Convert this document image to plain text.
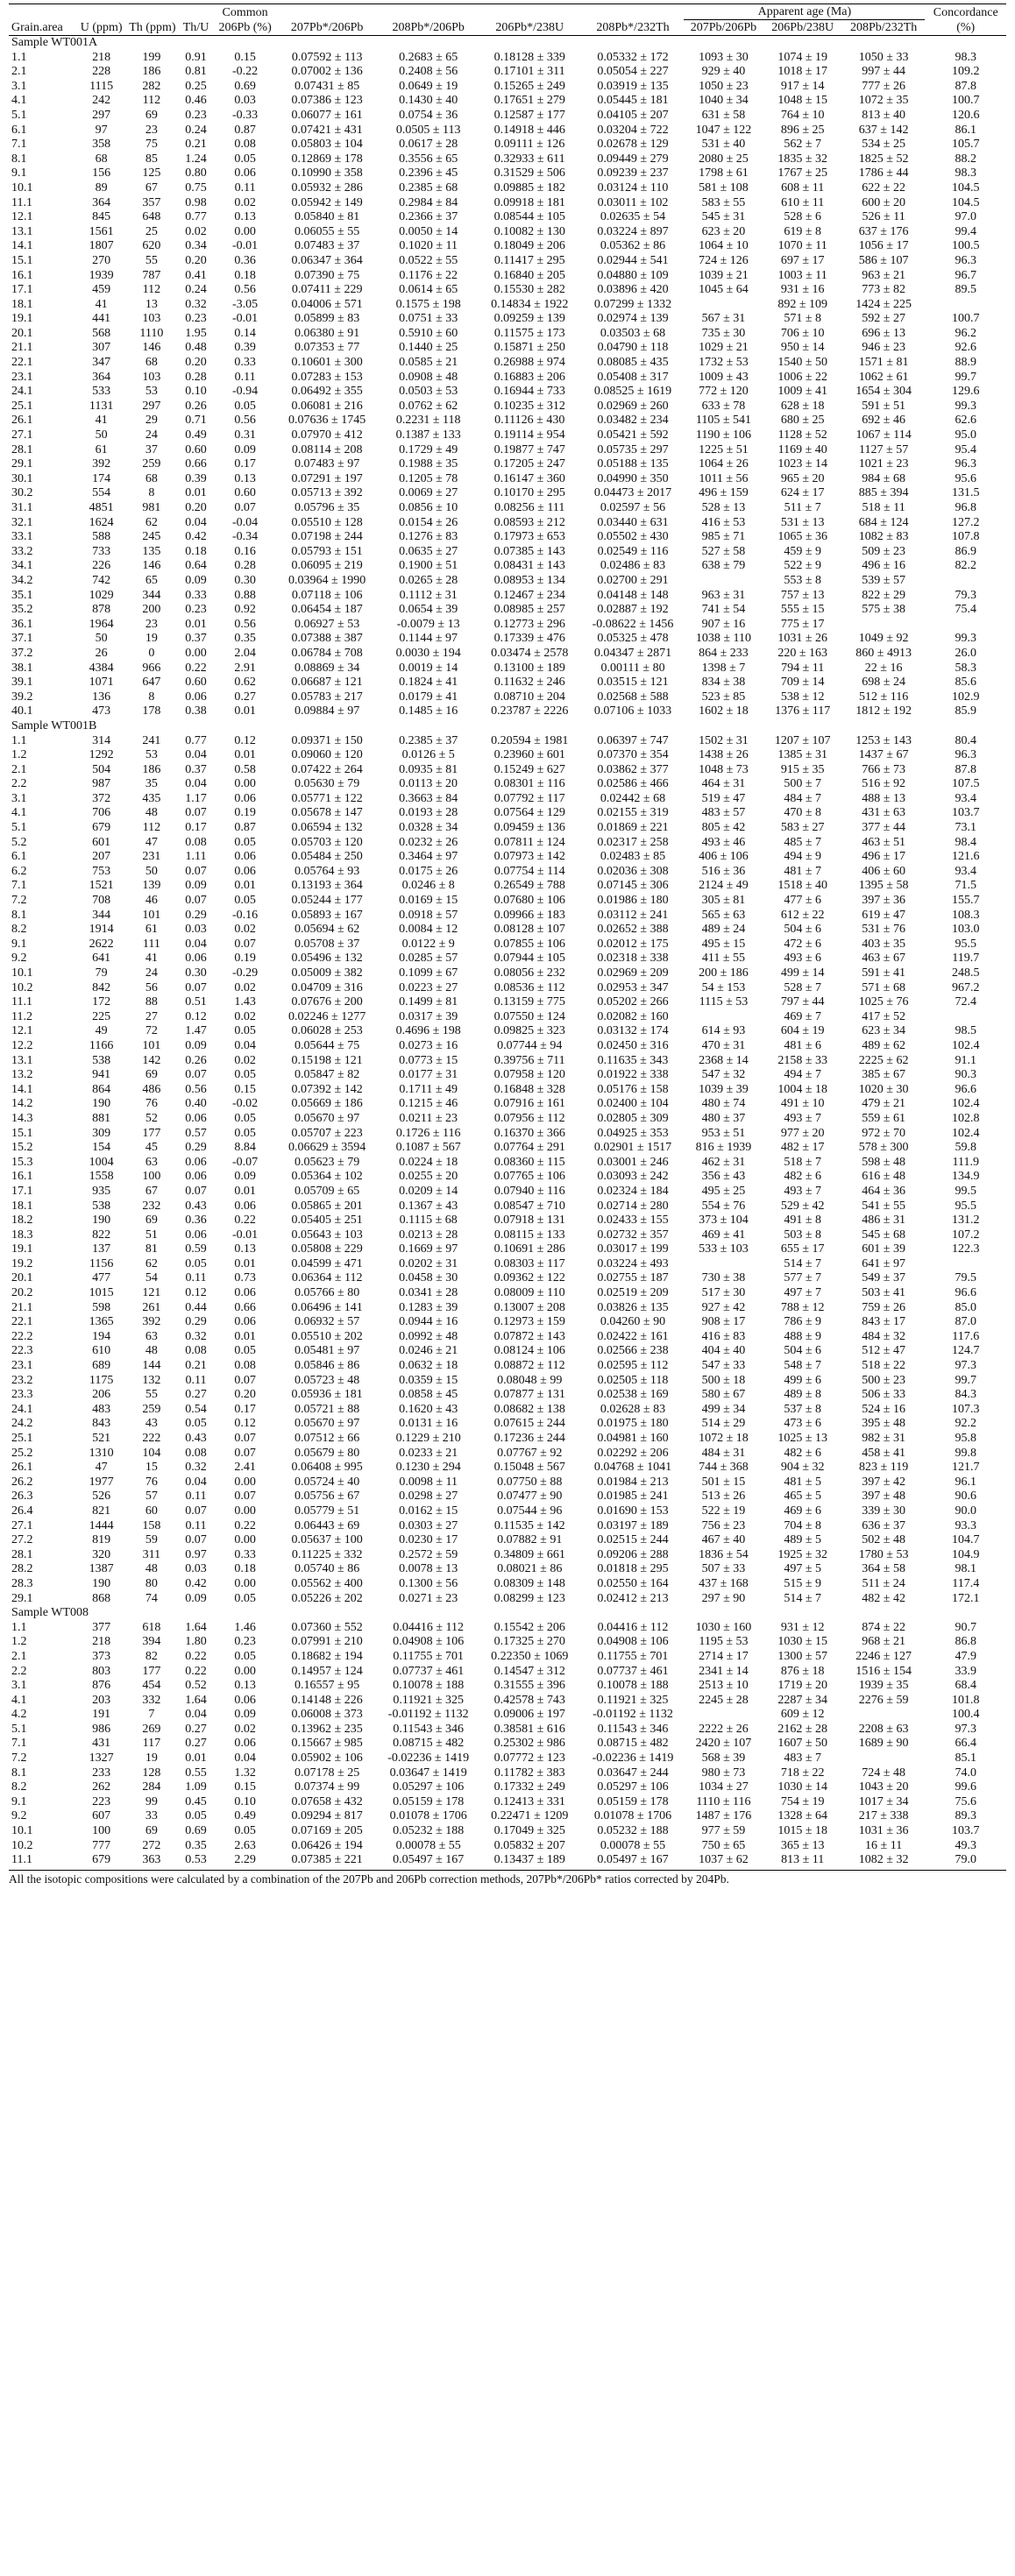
				Common					Apparent age (Ma)			Concordance
Grain.area	U (ppm)	Th (ppm)	Th/U	206Pb (%)	207Pb*/206Pb	208Pb*/206Pb	206Pb*/238U	208Pb*/232Th	207Pb/206Pb	206Pb/238U	208Pb/232Th	(%)
Sample WT001A												
1.1	218	199	0.91	0.15	0.07592 ± 113	0.2683 ± 65	0.18128 ± 339	0.05332 ± 172	1093 ± 30	1074 ± 19	1050 ± 33	98.3
2.1	228	186	0.81	-0.22	0.07002 ± 136	0.2408 ± 56	0.17101 ± 311	0.05054 ± 227	929 ± 40	1018 ± 17	997 ± 44	109.2
3.1	1115	282	0.25	0.69	0.07431 ± 85	0.0649 ± 19	0.15265 ± 249	0.03919 ± 135	1050 ± 23	917 ± 14	777 ± 26	87.8
4.1	242	112	0.46	0.03	0.07386 ± 123	0.1430 ± 40	0.17651 ± 279	0.05445 ± 181	1040 ± 34	1048 ± 15	1072 ± 35	100.7
5.1	297	69	0.23	-0.33	0.06077 ± 161	0.0754 ± 36	0.12587 ± 177	0.04105 ± 207	631 ± 58	764 ± 10	813 ± 40	120.6
6.1	97	23	0.24	0.87	0.07421 ± 431	0.0505 ± 113	0.14918 ± 446	0.03204 ± 722	1047 ± 122	896 ± 25	637 ± 142	86.1
7.1	358	75	0.21	0.08	0.05803 ± 104	0.0617 ± 28	0.09111 ± 126	0.02678 ± 129	531 ± 40	562 ± 7	534 ± 25	105.7
8.1	68	85	1.24	0.05	0.12869 ± 178	0.3556 ± 65	0.32933 ± 611	0.09449 ± 279	2080 ± 25	1835 ± 32	1825 ± 52	88.2
9.1	156	125	0.80	0.06	0.10990 ± 358	0.2396 ± 45	0.31529 ± 506	0.09239 ± 237	1798 ± 61	1767 ± 25	1786 ± 44	98.3
10.1	89	67	0.75	0.11	0.05932 ± 286	0.2385 ± 68	0.09885 ± 182	0.03124 ± 110	581 ± 108	608 ± 11	622 ± 22	104.5
11.1	364	357	0.98	0.02	0.05942 ± 149	0.2984 ± 84	0.09918 ± 181	0.03011 ± 102	583 ± 55	610 ± 11	600 ± 20	104.5
12.1	845	648	0.77	0.13	0.05840 ± 81	0.2366 ± 37	0.08544 ± 105	0.02635 ± 54	545 ± 31	528 ± 6	526 ± 11	97.0
13.1	1561	25	0.02	0.00	0.06055 ± 55	0.0050 ± 14	0.10082 ± 130	0.03224 ± 897	623 ± 20	619 ± 8	637 ± 176	99.4
14.1	1807	620	0.34	-0.01	0.07483 ± 37	0.1020 ± 11	0.18049 ± 206	0.05362 ± 86	1064 ± 10	1070 ± 11	1056 ± 17	100.5
15.1	270	55	0.20	0.36	0.06347 ± 364	0.0522 ± 55	0.11417 ± 295	0.02944 ± 541	724 ± 126	697 ± 17	586 ± 107	96.3
16.1	1939	787	0.41	0.18	0.07390 ± 75	0.1176 ± 22	0.16840 ± 205	0.04880 ± 109	1039 ± 21	1003 ± 11	963 ± 21	96.7
17.1	459	112	0.24	0.56	0.07411 ± 229	0.0614 ± 65	0.15530 ± 282	0.03896 ± 420	1045 ± 64	931 ± 16	773 ± 82	89.5
18.1	41	13	0.32	-3.05	0.04006 ± 571	0.1575 ± 198	0.14834 ± 1922	0.07299 ± 1332		892 ± 109	1424 ± 225	
19.1	441	103	0.23	-0.01	0.05899 ± 83	0.0751 ± 33	0.09259 ± 139	0.02974 ± 139	567 ± 31	571 ± 8	592 ± 27	100.7
20.1	568	1110	1.95	0.14	0.06380 ± 91	0.5910 ± 60	0.11575 ± 173	0.03503 ± 68	735 ± 30	706 ± 10	696 ± 13	96.2
21.1	307	146	0.48	0.39	0.07353 ± 77	0.1440 ± 25	0.15871 ± 250	0.04790 ± 118	1029 ± 21	950 ± 14	946 ± 23	92.6
22.1	347	68	0.20	0.33	0.10601 ± 300	0.0585 ± 21	0.26988 ± 974	0.08085 ± 435	1732 ± 53	1540 ± 50	1571 ± 81	88.9
23.1	364	103	0.28	0.11	0.07283 ± 153	0.0908 ± 48	0.16883 ± 206	0.05408 ± 317	1009 ± 43	1006 ± 22	1062 ± 61	99.7
24.1	533	53	0.10	-0.94	0.06492 ± 355	0.0503 ± 53	0.16944 ± 733	0.08525 ± 1619	772 ± 120	1009 ± 41	1654 ± 304	129.6
25.1	1131	297	0.26	0.05	0.06081 ± 216	0.0762 ± 62	0.10235 ± 312	0.02969 ± 260	633 ± 78	628 ± 18	591 ± 51	99.3
26.1	41	29	0.71	0.56	0.07636 ± 1745	0.2231 ± 118	0.11126 ± 430	0.03482 ± 234	1105 ± 541	680 ± 25	692 ± 46	62.6
27.1	50	24	0.49	0.31	0.07970 ± 412	0.1387 ± 133	0.19114 ± 954	0.05421 ± 592	1190 ± 106	1128 ± 52	1067 ± 114	95.0
28.1	61	37	0.60	0.09	0.08114 ± 208	0.1729 ± 49	0.19877 ± 747	0.05735 ± 297	1225 ± 51	1169 ± 40	1127 ± 57	95.4
29.1	392	259	0.66	0.17	0.07483 ± 97	0.1988 ± 35	0.17205 ± 247	0.05188 ± 135	1064 ± 26	1023 ± 14	1021 ± 23	96.3
30.1	174	68	0.39	0.13	0.07291 ± 197	0.1205 ± 78	0.16147 ± 360	0.04990 ± 350	1011 ± 56	965 ± 20	984 ± 68	95.6
30.2	554	8	0.01	0.60	0.05713 ± 392	0.0069 ± 27	0.10170 ± 295	0.04473 ± 2017	496 ± 159	624 ± 17	885 ± 394	131.5
31.1	4851	981	0.20	0.07	0.05796 ± 35	0.0856 ± 10	0.08256 ± 111	0.02597 ± 56	528 ± 13	511 ± 7	518 ± 11	96.8
32.1	1624	62	0.04	-0.04	0.05510 ± 128	0.0154 ± 26	0.08593 ± 212	0.03440 ± 631	416 ± 53	531 ± 13	684 ± 124	127.2
33.1	588	245	0.42	-0.34	0.07198 ± 244	0.1276 ± 83	0.17973 ± 653	0.05502 ± 430	985 ± 71	1065 ± 36	1082 ± 83	107.8
33.2	733	135	0.18	0.16	0.05793 ± 151	0.0635 ± 27	0.07385 ± 143	0.02549 ± 116	527 ± 58	459 ± 9	509 ± 23	86.9
34.1	226	146	0.64	0.28	0.06095 ± 219	0.1900 ± 51	0.08431 ± 143	0.02486 ± 83	638 ± 79	522 ± 9	496 ± 16	82.2
34.2	742	65	0.09	0.30	0.03964 ± 1990	0.0265 ± 28	0.08953 ± 134	0.02700 ± 291		553 ± 8	539 ± 57	
35.1	1029	344	0.33	0.88	0.07118 ± 106	0.1112 ± 31	0.12467 ± 234	0.04148 ± 148	963 ± 31	757 ± 13	822 ± 29	79.3
35.2	878	200	0.23	0.92	0.06454 ± 187	0.0654 ± 39	0.08985 ± 257	0.02887 ± 192	741 ± 54	555 ± 15	575 ± 38	75.4
36.1	1964	23	0.01	0.56	0.06927 ± 53	-0.0079 ± 13	0.12773 ± 296	-0.08622 ± 1456	907 ± 16	775 ± 17		
37.1	50	19	0.37	0.35	0.07388 ± 387	0.1144 ± 97	0.17339 ± 476	0.05325 ± 478	1038 ± 110	1031 ± 26	1049 ± 92	99.3
37.2	26	0	0.00	2.04	0.06784 ± 708	0.0030 ± 194	0.03474 ± 2578	0.04347 ± 2871	864 ± 233	220 ± 163	860 ± 4913	26.0
38.1	4384	966	0.22	2.91	0.08869 ± 34	0.0019 ± 14	0.13100 ± 189	0.00111 ± 80	1398 ± 7	794 ± 11	22 ± 16	58.3
39.1	1071	647	0.60	0.62	0.06687 ± 121	0.1824 ± 41	0.11632 ± 246	0.03515 ± 121	834 ± 38	709 ± 14	698 ± 24	85.6
39.2	136	8	0.06	0.27	0.05783 ± 217	0.0179 ± 41	0.08710 ± 204	0.02568 ± 588	523 ± 85	538 ± 12	512 ± 116	102.9
40.1	473	178	0.38	0.01	0.09884 ± 97	0.1485 ± 16	0.23787 ± 2226	0.07106 ± 1033	1602 ± 18	1376 ± 117	1812 ± 192	85.9
Sample WT001B												
1.1	314	241	0.77	0.12	0.09371 ± 150	0.2385 ± 37	0.20594 ± 1981	0.06397 ± 747	1502 ± 31	1207 ± 107	1253 ± 143	80.4
1.2	1292	53	0.04	0.01	0.09060 ± 120	0.0126 ± 5	0.23960 ± 601	0.07370 ± 354	1438 ± 26	1385 ± 31	1437 ± 67	96.3
2.1	504	186	0.37	0.58	0.07422 ± 264	0.0935 ± 81	0.15249 ± 627	0.03862 ± 377	1048 ± 73	915 ± 35	766 ± 73	87.8
2.2	987	35	0.04	0.00	0.05630 ± 79	0.0113 ± 20	0.08301 ± 116	0.02586 ± 466	464 ± 31	500 ± 7	516 ± 92	107.5
3.1	372	435	1.17	0.06	0.05771 ± 122	0.3663 ± 84	0.07792 ± 117	0.02442 ± 68	519 ± 47	484 ± 7	488 ± 13	93.4
4.1	706	48	0.07	0.19	0.05678 ± 147	0.0193 ± 28	0.07564 ± 129	0.02155 ± 319	483 ± 57	470 ± 8	431 ± 63	103.7
5.1	679	112	0.17	0.87	0.06594 ± 132	0.0328 ± 34	0.09459 ± 136	0.01869 ± 221	805 ± 42	583 ± 27	377 ± 44	73.1
5.2	601	47	0.08	0.05	0.05703 ± 120	0.0232 ± 26	0.07811 ± 124	0.02317 ± 258	493 ± 46	485 ± 7	463 ± 51	98.4
6.1	207	231	1.11	0.06	0.05484 ± 250	0.3464 ± 97	0.07973 ± 142	0.02483 ± 85	406 ± 106	494 ± 9	496 ± 17	121.6
6.2	753	50	0.07	0.06	0.05764 ± 93	0.0175 ± 26	0.07754 ± 114	0.02036 ± 308	516 ± 36	481 ± 7	406 ± 60	93.4
7.1	1521	139	0.09	0.01	0.13193 ± 364	0.0246 ± 8	0.26549 ± 788	0.07145 ± 306	2124 ± 49	1518 ± 40	1395 ± 58	71.5
7.2	708	46	0.07	0.05	0.05244 ± 177	0.0169 ± 15	0.07680 ± 106	0.01986 ± 180	305 ± 81	477 ± 6	397 ± 36	155.7
8.1	344	101	0.29	-0.16	0.05893 ± 167	0.0918 ± 57	0.09966 ± 183	0.03112 ± 241	565 ± 63	612 ± 22	619 ± 47	108.3
8.2	1914	61	0.03	0.02	0.05694 ± 62	0.0084 ± 12	0.08128 ± 107	0.02652 ± 388	489 ± 24	504 ± 6	531 ± 76	103.0
9.1	2622	111	0.04	0.07	0.05708 ± 37	0.0122 ± 9	0.07855 ± 106	0.02012 ± 175	495 ± 15	472 ± 6	403 ± 35	95.5
9.2	641	41	0.06	0.19	0.05496 ± 132	0.0285 ± 57	0.07944 ± 105	0.02318 ± 338	411 ± 55	493 ± 6	463 ± 67	119.7
10.1	79	24	0.30	-0.29	0.05009 ± 382	0.1099 ± 67	0.08056 ± 232	0.02969 ± 209	200 ± 186	499 ± 14	591 ± 41	248.5
10.2	842	56	0.07	0.02	0.04709 ± 316	0.0223 ± 27	0.08536 ± 112	0.02953 ± 347	54 ± 153	528 ± 7	571 ± 68	967.2
11.1	172	88	0.51	1.43	0.07676 ± 200	0.1499 ± 81	0.13159 ± 775	0.05202 ± 266	1115 ± 53	797 ± 44	1025 ± 76	72.4
11.2	225	27	0.12	0.02	0.02246 ± 1277	0.0317 ± 39	0.07550 ± 124	0.02082 ± 160		469 ± 7	417 ± 52	
12.1	49	72	1.47	0.05	0.06028 ± 253	0.4696 ± 198	0.09825 ± 323	0.03132 ± 174	614 ± 93	604 ± 19	623 ± 34	98.5
12.2	1166	101	0.09	0.04	0.05644 ± 75	0.0273 ± 16	0.07744 ± 94	0.02450 ± 316	470 ± 31	481 ± 6	489 ± 62	102.4
13.1	538	142	0.26	0.02	0.15198 ± 121	0.0773 ± 15	0.39756 ± 711	0.11635 ± 343	2368 ± 14	2158 ± 33	2225 ± 62	91.1
13.2	941	69	0.07	0.05	0.05847 ± 82	0.0177 ± 31	0.07958 ± 120	0.01922 ± 338	547 ± 32	494 ± 7	385 ± 67	90.3
14.1	864	486	0.56	0.15	0.07392 ± 142	0.1711 ± 49	0.16848 ± 328	0.05176 ± 158	1039 ± 39	1004 ± 18	1020 ± 30	96.6
14.2	190	76	0.40	-0.02	0.05669 ± 186	0.1215 ± 46	0.07916 ± 161	0.02400 ± 104	480 ± 74	491 ± 10	479 ± 21	102.4
14.3	881	52	0.06	0.05	0.05670 ± 97	0.0211 ± 23	0.07956 ± 112	0.02805 ± 309	480 ± 37	493 ± 7	559 ± 61	102.8
15.1	309	177	0.57	0.05	0.05707 ± 223	0.1726 ± 116	0.16370 ± 366	0.04925 ± 353	953 ± 51	977 ± 20	972 ± 70	102.4
15.2	154	45	0.29	8.84	0.06629 ± 3594	0.1087 ± 567	0.07764 ± 291	0.02901 ± 1517	816 ± 1939	482 ± 17	578 ± 300	59.8
15.3	1004	63	0.06	-0.07	0.05623 ± 79	0.0224 ± 18	0.08360 ± 115	0.03001 ± 246	462 ± 31	518 ± 7	598 ± 48	111.9
16.1	1558	100	0.06	0.09	0.05364 ± 102	0.0255 ± 20	0.07765 ± 106	0.03093 ± 242	356 ± 43	482 ± 6	616 ± 48	134.9
17.1	935	67	0.07	0.01	0.05709 ± 65	0.0209 ± 14	0.07940 ± 116	0.02324 ± 184	495 ± 25	493 ± 7	464 ± 36	99.5
18.1	538	232	0.43	0.06	0.05865 ± 201	0.1367 ± 43	0.08547 ± 710	0.02714 ± 280	554 ± 76	529 ± 42	541 ± 55	95.5
18.2	190	69	0.36	0.22	0.05405 ± 251	0.1115 ± 68	0.07918 ± 131	0.02433 ± 155	373 ± 104	491 ± 8	486 ± 31	131.2
18.3	822	51	0.06	-0.01	0.05643 ± 103	0.0213 ± 28	0.08115 ± 133	0.02732 ± 357	469 ± 41	503 ± 8	545 ± 68	107.2
19.1	137	81	0.59	0.13	0.05808 ± 229	0.1669 ± 97	0.10691 ± 286	0.03017 ± 199	533 ± 103	655 ± 17	601 ± 39	122.3
19.2	1156	62	0.05	0.01	0.04599 ± 471	0.0202 ± 31	0.08303 ± 117	0.03224 ± 493		514 ± 7	641 ± 97	
20.1	477	54	0.11	0.73	0.06364 ± 112	0.0458 ± 30	0.09362 ± 122	0.02755 ± 187	730 ± 38	577 ± 7	549 ± 37	79.5
20.2	1015	121	0.12	0.06	0.05766 ± 80	0.0341 ± 28	0.08009 ± 110	0.02519 ± 209	517 ± 30	497 ± 7	503 ± 41	96.6
21.1	598	261	0.44	0.66	0.06496 ± 141	0.1283 ± 39	0.13007 ± 208	0.03826 ± 135	927 ± 42	788 ± 12	759 ± 26	85.0
22.1	1365	392	0.29	0.06	0.06932 ± 57	0.0944 ± 16	0.12973 ± 159	0.04260 ± 90	908 ± 17	786 ± 9	843 ± 17	87.0
22.2	194	63	0.32	0.01	0.05510 ± 202	0.0992 ± 48	0.07872 ± 143	0.02422 ± 161	416 ± 83	488 ± 9	484 ± 32	117.6
22.3	610	48	0.08	0.05	0.05481 ± 97	0.0246 ± 21	0.08124 ± 106	0.02566 ± 238	404 ± 40	504 ± 6	512 ± 47	124.7
23.1	689	144	0.21	0.08	0.05846 ± 86	0.0632 ± 18	0.08872 ± 112	0.02595 ± 112	547 ± 33	548 ± 7	518 ± 22	97.3
23.2	1175	132	0.11	0.07	0.05723 ± 48	0.0359 ± 15	0.08048 ± 99	0.02505 ± 118	500 ± 18	499 ± 6	500 ± 23	99.7
23.3	206	55	0.27	0.20	0.05936 ± 181	0.0858 ± 45	0.07877 ± 131	0.02538 ± 169	580 ± 67	489 ± 8	506 ± 33	84.3
24.1	483	259	0.54	0.17	0.05721 ± 88	0.1620 ± 43	0.08682 ± 138	0.02628 ± 83	499 ± 34	537 ± 8	524 ± 16	107.3
24.2	843	43	0.05	0.12	0.05670 ± 97	0.0131 ± 16	0.07615 ± 244	0.01975 ± 180	514 ± 29	473 ± 6	395 ± 48	92.2
25.1	521	222	0.43	0.07	0.07512 ± 66	0.1229 ± 210	0.17236 ± 244	0.04981 ± 160	1072 ± 18	1025 ± 13	982 ± 31	95.8
25.2	1310	104	0.08	0.07	0.05679 ± 80	0.0233 ± 21	0.07767 ± 92	0.02292 ± 206	484 ± 31	482 ± 6	458 ± 41	99.8
26.1	47	15	0.32	2.41	0.06408 ± 995	0.1230 ± 294	0.15048 ± 567	0.04768 ± 1041	744 ± 368	904 ± 32	823 ± 119	121.7
26.2	1977	76	0.04	0.00	0.05724 ± 40	0.0098 ± 11	0.07750 ± 88	0.01984 ± 213	501 ± 15	481 ± 5	397 ± 42	96.1
26.3	526	57	0.11	0.07	0.05756 ± 67	0.0298 ± 27	0.07477 ± 90	0.01985 ± 241	513 ± 26	465 ± 5	397 ± 48	90.6
26.4	821	60	0.07	0.00	0.05779 ± 51	0.0162 ± 15	0.07544 ± 96	0.01690 ± 153	522 ± 19	469 ± 6	339 ± 30	90.0
27.1	1444	158	0.11	0.22	0.06443 ± 69	0.0303 ± 27	0.11535 ± 142	0.03197 ± 189	756 ± 23	704 ± 8	636 ± 37	93.3
27.2	819	59	0.07	0.00	0.05637 ± 100	0.0230 ± 17	0.07882 ± 91	0.02515 ± 244	467 ± 40	489 ± 5	502 ± 48	104.7
28.1	320	311	0.97	0.33	0.11225 ± 332	0.2572 ± 59	0.34809 ± 661	0.09206 ± 288	1836 ± 54	1925 ± 32	1780 ± 53	104.9
28.2	1387	48	0.03	0.18	0.05740 ± 86	0.0078 ± 13	0.08021 ± 86	0.01818 ± 295	507 ± 33	497 ± 5	364 ± 58	98.1
28.3	190	80	0.42	0.00	0.05562 ± 400	0.1300 ± 56	0.08309 ± 148	0.02550 ± 164	437 ± 168	515 ± 9	511 ± 24	117.4
29.1	868	74	0.09	0.05	0.05226 ± 202	0.0271 ± 23	0.08299 ± 123	0.02412 ± 213	297 ± 90	514 ± 7	482 ± 42	172.1
Sample WT008												
1.1	377	618	1.64	1.46	0.07360 ± 552	0.04416 ± 112	0.15542 ± 206	0.04416 ± 112	1030 ± 160	931 ± 12	874 ± 22	90.7
1.2	218	394	1.80	0.23	0.07991 ± 210	0.04908 ± 106	0.17325 ± 270	0.04908 ± 106	1195 ± 53	1030 ± 15	968 ± 21	86.8
2.1	373	82	0.22	0.05	0.18682 ± 194	0.11755 ± 701	0.22350 ± 1069	0.11755 ± 701	2714 ± 17	1300 ± 57	2246 ± 127	47.9
2.2	803	177	0.22	0.00	0.14957 ± 124	0.07737 ± 461	0.14547 ± 312	0.07737 ± 461	2341 ± 14	876 ± 18	1516 ± 154	33.9
3.1	876	454	0.52	0.13	0.16557 ± 95	0.10078 ± 188	0.31555 ± 396	0.10078 ± 188	2513 ± 10	1719 ± 20	1939 ± 35	68.4
4.1	203	332	1.64	0.06	0.14148 ± 226	0.11921 ± 325	0.42578 ± 743	0.11921 ± 325	2245 ± 28	2287 ± 34	2276 ± 59	101.8
4.2	191	7	0.04	0.09	0.06008 ± 373	-0.01192 ± 1132	0.09006 ± 197	-0.01192 ± 1132		609 ± 12		100.4
5.1	986	269	0.27	0.02	0.13962 ± 235	0.11543 ± 346	0.38581 ± 616	0.11543 ± 346	2222 ± 26	2162 ± 28	2208 ± 63	97.3
7.1	431	117	0.27	0.06	0.15667 ± 985	0.08715 ± 482	0.25302 ± 986	0.08715 ± 482	2420 ± 107	1607 ± 50	1689 ± 90	66.4
7.2	1327	19	0.01	0.04	0.05902 ± 106	-0.02236 ± 1419	0.07772 ± 123	-0.02236 ± 1419	568 ± 39	483 ± 7		85.1
8.1	233	128	0.55	1.32	0.07178 ± 25	0.03647 ± 1419	0.11782 ± 383	0.03647 ± 244	980 ± 73	718 ± 22	724 ± 48	74.0
8.2	262	284	1.09	0.15	0.07374 ± 99	0.05297 ± 106	0.17332 ± 249	0.05297 ± 106	1034 ± 27	1030 ± 14	1043 ± 20	99.6
9.1	223	99	0.45	0.10	0.07658 ± 432	0.05159 ± 178	0.12413 ± 331	0.05159 ± 178	1110 ± 116	754 ± 19	1017 ± 34	75.6
9.2	607	33	0.05	0.49	0.09294 ± 817	0.01078 ± 1706	0.22471 ± 1209	0.01078 ± 1706	1487 ± 176	1328 ± 64	217 ± 338	89.3
10.1	100	69	0.69	0.05	0.07169 ± 205	0.05232 ± 188	0.17049 ± 325	0.05232 ± 188	977 ± 59	1015 ± 18	1031 ± 36	103.7
10.2	777	272	0.35	2.63	0.06426 ± 194	0.00078 ± 55	0.05832 ± 207	0.00078 ± 55	750 ± 65	365 ± 13	16 ± 11	49.3
11.1	679	363	0.53	2.29	0.07385 ± 221	0.05497 ± 167	0.13437 ± 189	0.05497 ± 167	1037 ± 62	813 ± 11	1082 ± 32	79.0
All the isotopic compositions were calculated by a combination of the 207Pb and 206Pb correction methods, 207Pb*/206Pb* ratios corrected by 204Pb.
